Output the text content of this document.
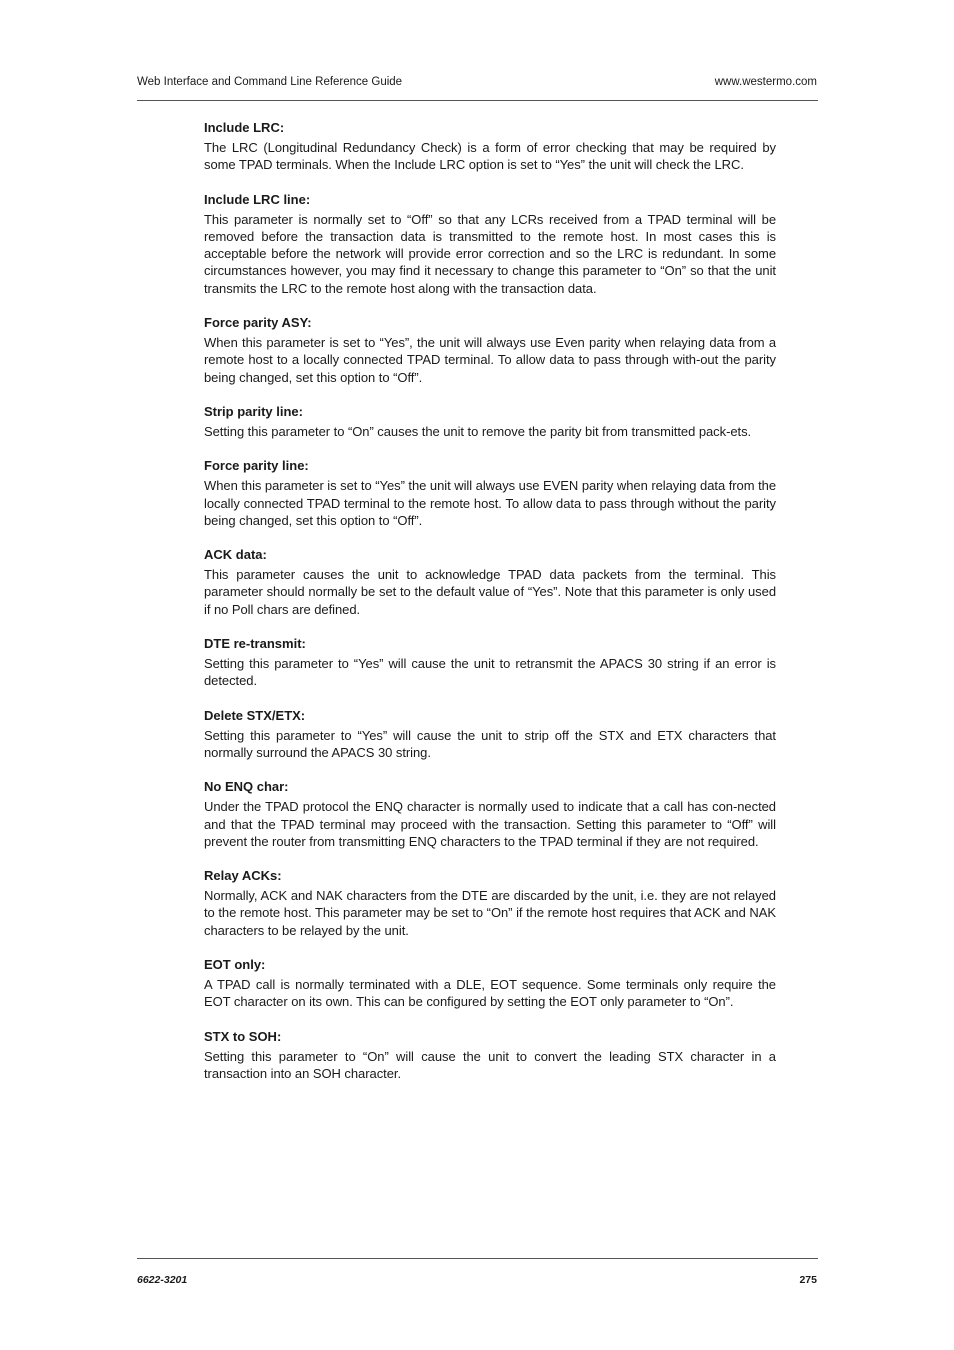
Web Interface and Command Line Reference Guide	www.westermo.com

Include LRC:

The LRC (Longitudinal Redundancy Check) is a form of error checking that may be required by some TPAD terminals. When the Include LRC option is set to “Yes” the unit will check the LRC.

Include LRC line:

This parameter is normally set to “Off” so that any LCRs received from a TPAD terminal will be removed before the transaction data is transmitted to the remote host. In most cases this is acceptable before the network will provide error correction and so the LRC is redundant. In some circumstances however, you may find it necessary to change this parameter to “On” so that the unit transmits the LRC to the remote host along with the transaction data.

Force parity ASY:

When this parameter is set to “Yes”, the unit will always use Even parity when relaying data from a remote host to a locally connected TPAD terminal. To allow data to pass through with-out the parity being changed, set this option to “Off”.

Strip parity line:

Setting this parameter to “On” causes the unit to remove the parity bit from transmitted pack-ets.

Force parity line:

When this parameter is set to “Yes” the unit will always use EVEN parity when relaying data from the locally connected TPAD terminal to the remote host. To allow data to pass through without the parity being changed, set this option to “Off”.

ACK data:

This parameter causes the unit to acknowledge TPAD data packets from the terminal. This parameter should normally be set to the default value of “Yes”. Note that this parameter is only used if no Poll chars are defined.

DTE re-transmit:

Setting this parameter to “Yes” will cause the unit to retransmit the APACS 30 string if an error is detected.

Delete STX/ETX:

Setting this parameter to “Yes” will cause the unit to strip off the STX and ETX characters that normally surround the APACS 30 string.

No ENQ char:

Under the TPAD protocol the ENQ character is normally used to indicate that a call has con-nected and that the TPAD terminal may proceed with the transaction. Setting this parameter to “Off” will prevent the router from transmitting ENQ characters to the TPAD terminal if they are not required.

Relay ACKs:

Normally, ACK and NAK characters from the DTE are discarded by the unit, i.e. they are not relayed to the remote host. This parameter may be set to “On” if the remote host requires that ACK and NAK characters to be relayed by the unit.

EOT only:

A TPAD call is normally terminated with a DLE, EOT sequence. Some terminals only require the EOT character on its own. This can be configured by setting the EOT only parameter to “On”.

STX to SOH:

Setting this parameter to “On” will cause the unit to convert the leading STX character in a transaction into an SOH character.

6622-3201	275
